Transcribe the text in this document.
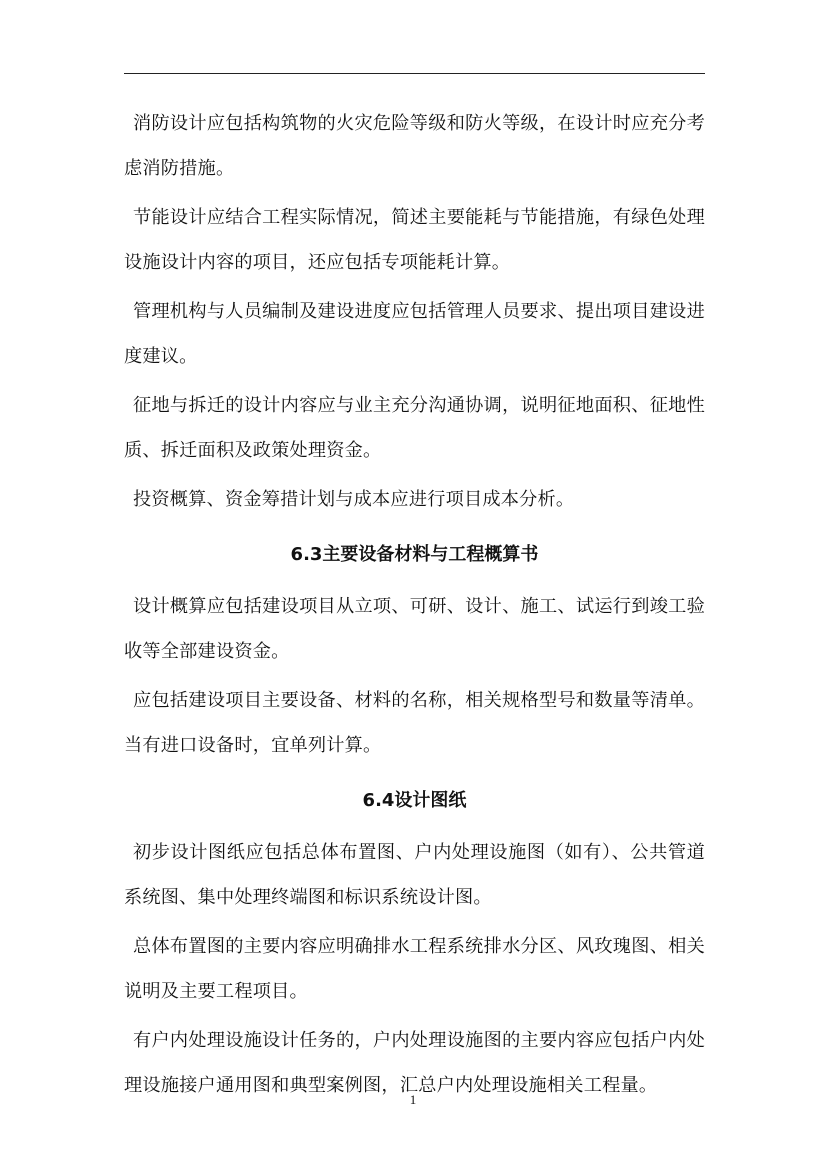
消防设计应包括构筑物的火灾危险等级和防火等级，在设计时应充分考虑消防措施。

节能设计应结合工程实际情况，简述主要能耗与节能措施，有绿色处理设施设计内容的项目，还应包括专项能耗计算。

管理机构与人员编制及建设进度应包括管理人员要求、提出项目建设进度建议。

征地与拆迁的设计内容应与业主充分沟通协调，说明征地面积、征地性质、拆迁面积及政策处理资金。

投资概算、资金筹措计划与成本应进行项目成本分析。

6.3主要设备材料与工程概算书

设计概算应包括建设项目从立项、可研、设计、施工、试运行到竣工验收等全部建设资金。

应包括建设项目主要设备、材料的名称，相关规格型号和数量等清单。当有进口设备时，宜单列计算。

6.4设计图纸

初步设计图纸应包括总体布置图、户内处理设施图（如有）、公共管道系统图、集中处理终端图和标识系统设计图。

总体布置图的主要内容应明确排水工程系统排水分区、风玫瑰图、相关说明及主要工程项目。

有户内处理设施设计任务的，户内处理设施图的主要内容应包括户内处理设施接户通用图和典型案例图，汇总户内处理设施相关工程量。

1
